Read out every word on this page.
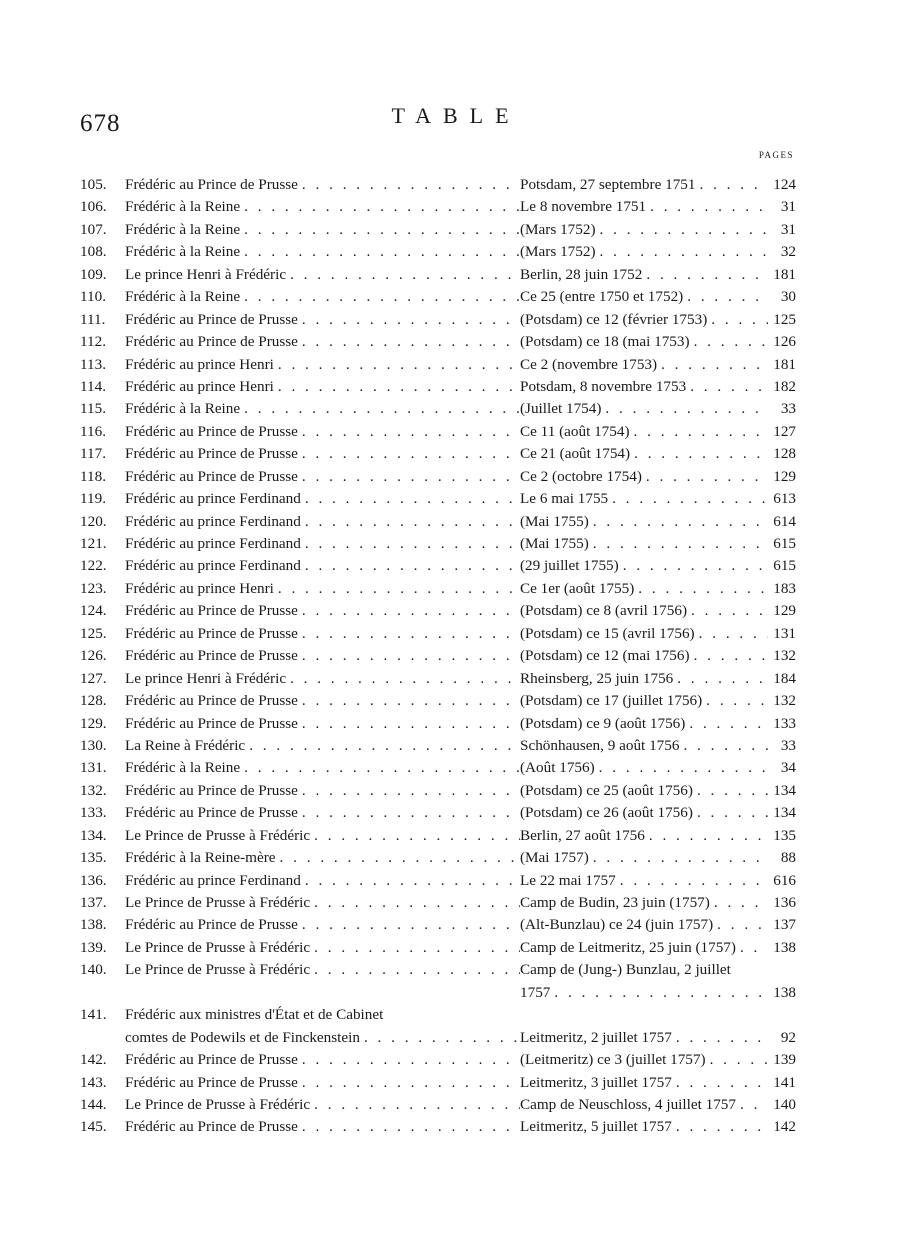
678	TABLE
PAGES
105.	Frédéric au Prince de Prusse . . .	Potsdam, 27 septembre 1751 . . .	124
106.	Frédéric à la Reine . . .	Le 8 novembre 1751 . . .	31
107.	Frédéric à la Reine . . .	(Mars 1752) . . .	31
108.	Frédéric à la Reine . . .	(Mars 1752) . . .	32
109.	Le prince Henri à Frédéric . . .	Berlin, 28 juin 1752 . . .	181
110.	Frédéric à la Reine . . .	Ce 25 (entre 1750 et 1752) . . .	30
111.	Frédéric au Prince de Prusse . . .	(Potsdam) ce 12 (février 1753) . . .	125
112.	Frédéric au Prince de Prusse . . .	(Potsdam) ce 18 (mai 1753) . . .	126
113.	Frédéric au prince Henri . . .	Ce 2 (novembre 1753) . . .	181
114.	Frédéric au prince Henri . . .	Potsdam, 8 novembre 1753 . . .	182
115.	Frédéric à la Reine . . .	(Juillet 1754) . . .	33
116.	Frédéric au Prince de Prusse . . .	Ce 11 (août 1754) . . .	127
117.	Frédéric au Prince de Prusse . . .	Ce 21 (août 1754) . . .	128
118.	Frédéric au Prince de Prusse . . .	Ce 2 (octobre 1754) . . .	129
119.	Frédéric au prince Ferdinand . . .	Le 6 mai 1755 . . .	613
120.	Frédéric au prince Ferdinand . . .	(Mai 1755) . . .	614
121.	Frédéric au prince Ferdinand . . .	(Mai 1755) . . .	615
122.	Frédéric au prince Ferdinand . . .	(29 juillet 1755) . . .	615
123.	Frédéric au prince Henri . . .	Ce 1er (août 1755) . . .	183
124.	Frédéric au Prince de Prusse . . .	(Potsdam) ce 8 (avril 1756) . . .	129
125.	Frédéric au Prince de Prusse . . .	(Potsdam) ce 15 (avril 1756) . . .	131
126.	Frédéric au Prince de Prusse . . .	(Potsdam) ce 12 (mai 1756) . . .	132
127.	Le prince Henri à Frédéric . . .	Rheinsberg, 25 juin 1756 . . .	184
128.	Frédéric au Prince de Prusse . . .	(Potsdam) ce 17 (juillet 1756) . . .	132
129.	Frédéric au Prince de Prusse . . .	(Potsdam) ce 9 (août 1756) . . .	133
130.	La Reine à Frédéric . . .	Schönhausen, 9 août 1756 . . .	33
131.	Frédéric à la Reine . . .	(Août 1756) . . .	34
132.	Frédéric au Prince de Prusse . . .	(Potsdam) ce 25 (août 1756) . . .	134
133.	Frédéric au Prince de Prusse . . .	(Potsdam) ce 26 (août 1756) . . .	134
134.	Le Prince de Prusse à Frédéric . . .	Berlin, 27 août 1756 . . .	135
135.	Frédéric à la Reine-mère . . .	(Mai 1757) . . .	88
136.	Frédéric au prince Ferdinand . . .	Le 22 mai 1757 . . .	616
137.	Le Prince de Prusse à Frédéric . . .	Camp de Budin, 23 juin (1757) . . .	136
138.	Frédéric au Prince de Prusse . . .	(Alt-Bunzlau) ce 24 (juin 1757) . . .	137
139.	Le Prince de Prusse à Frédéric . . .	Camp de Leitmeritz, 25 juin (1757) . . .	138
140.	Le Prince de Prusse à Frédéric . . .	Camp de (Jung-) Bunzlau, 2 juillet
1757 . . .	138
141.	Frédéric aux ministres d'État et de Cabinet
comtes de Podewils et de Finckenstein . . .	Leitmeritz, 2 juillet 1757 . . .	92
142.	Frédéric au Prince de Prusse . . .	(Leitmeritz) ce 3 (juillet 1757) . . .	139
143.	Frédéric au Prince de Prusse . . .	Leitmeritz, 3 juillet 1757 . . .	141
144.	Le Prince de Prusse à Frédéric . . .	Camp de Neuschloss, 4 juillet 1757 . . .	140
145.	Frédéric au Prince de Prusse . . .	Leitmeritz, 5 juillet 1757 . . .	142
